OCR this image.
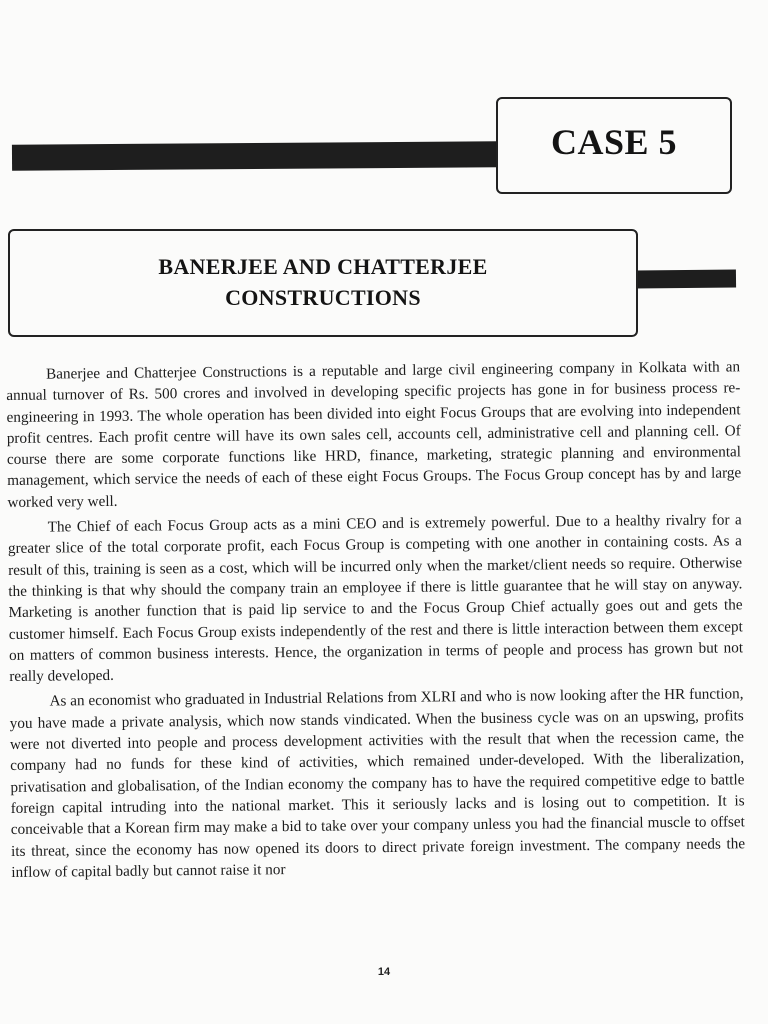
CASE 5
BANERJEE AND CHATTERJEE
CONSTRUCTIONS

Banerjee and Chatterjee Constructions is a reputable and large civil engineering company in Kolkata with an annual turnover of Rs. 500 crores and involved in developing specific projects has gone in for business process re-engineering in 1993. The whole operation has been divided into eight Focus Groups that are evolving into independent profit centres. Each profit centre will have its own sales cell, accounts cell, administrative cell and planning cell. Of course there are some corporate functions like HRD, finance, marketing, strategic planning and environmental management, which service the needs of each of these eight Focus Groups. The Focus Group concept has by and large worked very well.

The Chief of each Focus Group acts as a mini CEO and is extremely powerful. Due to a healthy rivalry for a greater slice of the total corporate profit, each Focus Group is competing with one another in containing costs. As a result of this, training is seen as a cost, which will be incurred only when the market/client needs so require. Otherwise the thinking is that why should the company train an employee if there is little guarantee that he will stay on anyway. Marketing is another function that is paid lip service to and the Focus Group Chief actually goes out and gets the customer himself. Each Focus Group exists independently of the rest and there is little interaction between them except on matters of common business interests. Hence, the organization in terms of people and process has grown but not really developed.

As an economist who graduated in Industrial Relations from XLRI and who is now looking after the HR function, you have made a private analysis, which now stands vindicated. When the business cycle was on an upswing, profits were not diverted into people and process development activities with the result that when the recession came, the company had no funds for these kind of activities, which remained under-developed. With the liberalization, privatisation and globalisation, of the Indian economy the company has to have the required competitive edge to battle foreign capital intruding into the national market. This it seriously lacks and is losing out to competition. It is conceivable that a Korean firm may make a bid to take over your company unless you had the financial muscle to offset its threat, since the economy has now opened its doors to direct private foreign investment. The company needs the inflow of capital badly but cannot raise it nor

14
